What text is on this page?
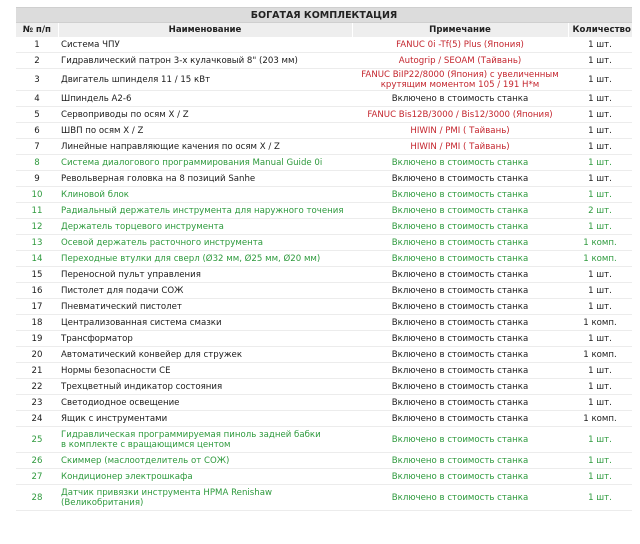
БОГАТАЯ КОМПЛЕКТАЦИЯ
№ п/п	Наименование	Примечание	Количество
1	Система ЧПУ	FANUC 0i -Tf(5) Plus (Япония)	1 шт.
2	Гидравлический патрон 3-х кулачковый 8" (203 мм)	Autogrip / SEOAM (Тайвань)	1 шт.
3	Двигатель шпинделя 11 / 15 кВт	FANUC BiIP22/8000 (Япония) с увеличенным крутящим моментом 105 / 191 Н*м	1 шт.
4	Шпиндель А2-6	Включено в стоимость станка	1 шт.
5	Сервоприводы по осям X / Z	FANUC Bis12B/3000 / Bis12/3000 (Япония)	1 шт.
6	ШВП по осям X / Z	HIWIN / PMI ( Тайвань)	1 шт.
7	Линейные направляющие качения по осям X / Z	HIWIN / PMI ( Тайвань)	1 шт.
8	Система диалогового программирования Manual Guide 0i	Включено в стоимость станка	1 шт.
9	Револьверная головка на 8 позиций Sanhe	Включено в стоимость станка	1 шт.
10	Клиновой блок	Включено в стоимость станка	1 шт.
11	Радиальный держатель инструмента для наружного точения	Включено в стоимость станка	2 шт.
12	Держатель торцевого инструмента	Включено в стоимость станка	1 шт.
13	Осевой держатель расточного инструмента	Включено в стоимость станка	1 комп.
14	Переходные втулки для сверл (Ø32 мм, Ø25 мм, Ø20 мм)	Включено в стоимость станка	1 комп.
15	Переносной пульт управления	Включено в стоимость станка	1 шт.
16	Пистолет для подачи СОЖ	Включено в стоимость станка	1 шт.
17	Пневматический пистолет	Включено в стоимость станка	1 шт.
18	Централизованная система смазки	Включено в стоимость станка	1 комп.
19	Трансформатор	Включено в стоимость станка	1 шт.
20	Автоматический конвейер для стружек	Включено в стоимость станка	1 комп.
21	Нормы безопасности CE	Включено в стоимость станка	1 шт.
22	Трехцветный индикатор состояния	Включено в стоимость станка	1 шт.
23	Светодиодное освещение	Включено в стоимость станка	1 шт.
24	Ящик с инструментами	Включено в стоимость станка	1 комп.
25	Гидравлическая программируемая пиноль задней бабки в комплекте с вращающимся центом	Включено в стоимость станка	1 шт.
26	Скиммер (маслоотделитель от СОЖ)	Включено в стоимость станка	1 шт.
27	Кондиционер электрошкафа	Включено в стоимость станка	1 шт.
28	Датчик привязки инструмента HPMA Renishaw (Великобритания)	Включено в стоимость станка	1 шт.
